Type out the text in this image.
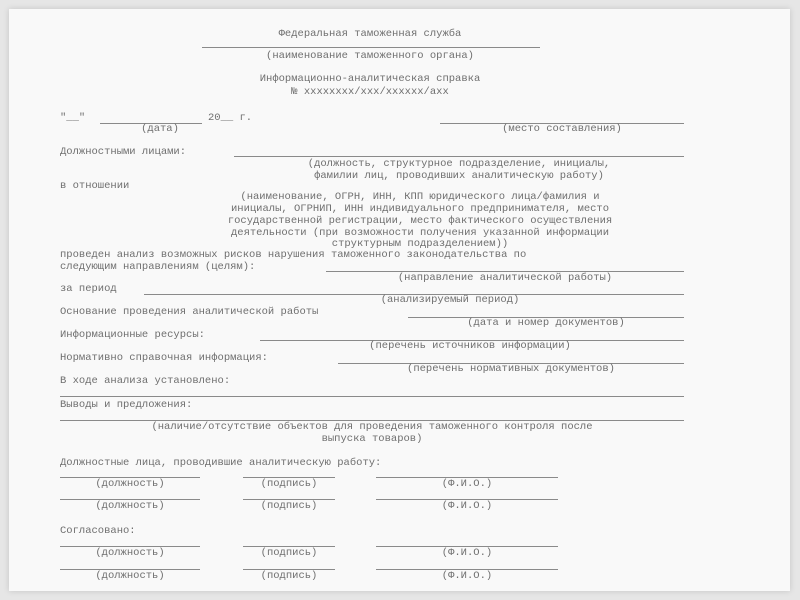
Федеральная таможенная служба
(наименование таможенного органа)
Информационно-аналитическая справка
№ хххххххх/ххх/хххххх/ахх
"__"	20__ г.
(дата)	(место составления)
Должностными лицами:
(должность, структурное подразделение, инициалы,
фамилии лиц, проводивших аналитическую работу)
в отношении
(наименование, ОГРН, ИНН, КПП юридического лица/фамилия и
инициалы, ОГРНИП, ИНН индивидуального предпринимателя, место
государственной регистрации, место фактического осуществления
деятельности (при возможности получения указанной информации
структурным подразделением))
проведен анализ возможных рисков нарушения таможенного законодательства по
следующим направлениям (целям):
(направление аналитической работы)
за период
(анализируемый период)
Основание проведения аналитической работы
(дата и номер документов)
Информационные ресурсы:
(перечень источников информации)
Нормативно справочная информация:
(перечень нормативных документов)
В ходе анализа установлено:
Выводы и предложения:
(наличие/отсутствие объектов для проведения таможенного контроля после
выпуска товаров)
Должностные лица, проводившие аналитическую работу:
(должность)	(подпись)	(Ф.И.О.)
(должность)	(подпись)	(Ф.И.О.)
Согласовано:
(должность)	(подпись)	(Ф.И.О.)
(должность)	(подпись)	(Ф.И.О.)
